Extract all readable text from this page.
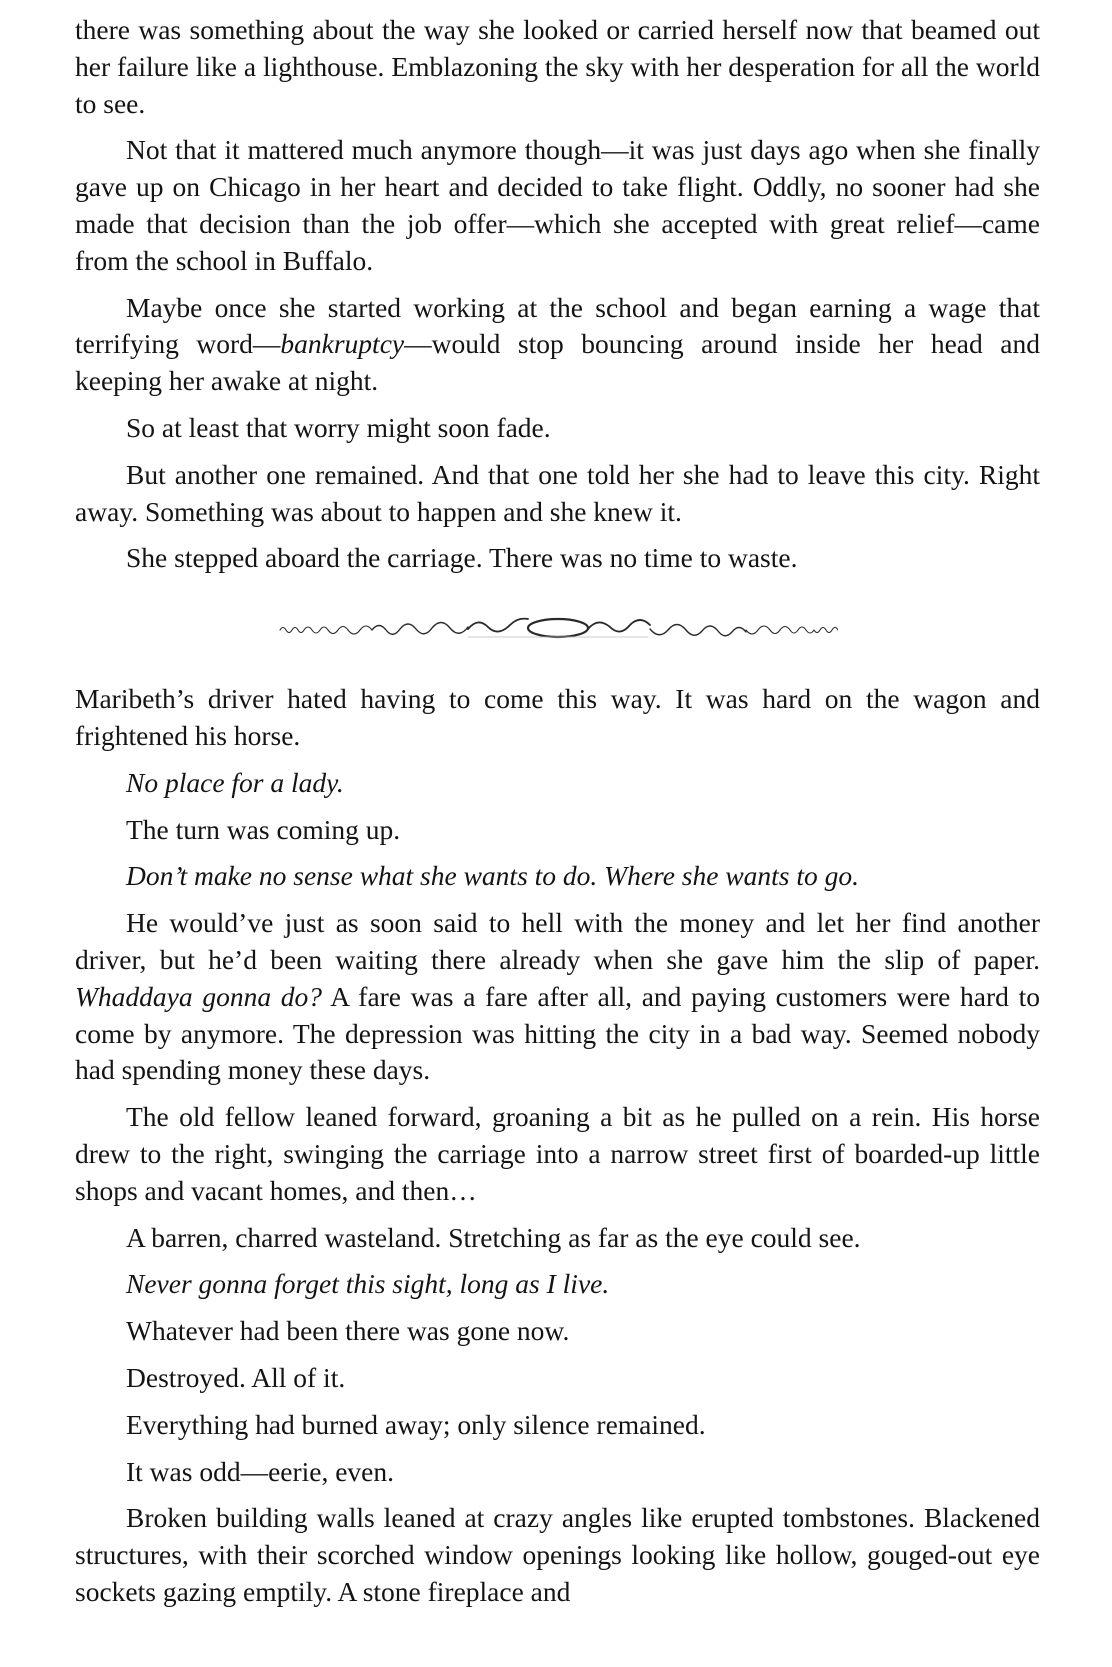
there was something about the way she looked or carried herself now that beamed out her failure like a lighthouse. Emblazoning the sky with her desperation for all the world to see.

Not that it mattered much anymore though—it was just days ago when she finally gave up on Chicago in her heart and decided to take flight. Oddly, no sooner had she made that decision than the job offer—which she accepted with great relief—came from the school in Buffalo.

Maybe once she started working at the school and began earning a wage that terrifying word—bankruptcy—would stop bouncing around inside her head and keeping her awake at night.

So at least that worry might soon fade.

But another one remained. And that one told her she had to leave this city. Right away. Something was about to happen and she knew it.

She stepped aboard the carriage. There was no time to waste.

Maribeth’s driver hated having to come this way. It was hard on the wagon and frightened his horse.

No place for a lady.

The turn was coming up.

Don’t make no sense what she wants to do. Where she wants to go.

He would’ve just as soon said to hell with the money and let her find another driver, but he’d been waiting there already when she gave him the slip of paper. Whaddaya gonna do? A fare was a fare after all, and paying customers were hard to come by anymore. The depression was hitting the city in a bad way. Seemed nobody had spending money these days.

The old fellow leaned forward, groaning a bit as he pulled on a rein. His horse drew to the right, swinging the carriage into a narrow street first of boarded-up little shops and vacant homes, and then…

A barren, charred wasteland. Stretching as far as the eye could see.

Never gonna forget this sight, long as I live.

Whatever had been there was gone now.

Destroyed. All of it.

Everything had burned away; only silence remained.

It was odd—eerie, even.

Broken building walls leaned at crazy angles like erupted tombstones. Blackened structures, with their scorched window openings looking like hollow, gouged-out eye sockets gazing emptily. A stone fireplace and
